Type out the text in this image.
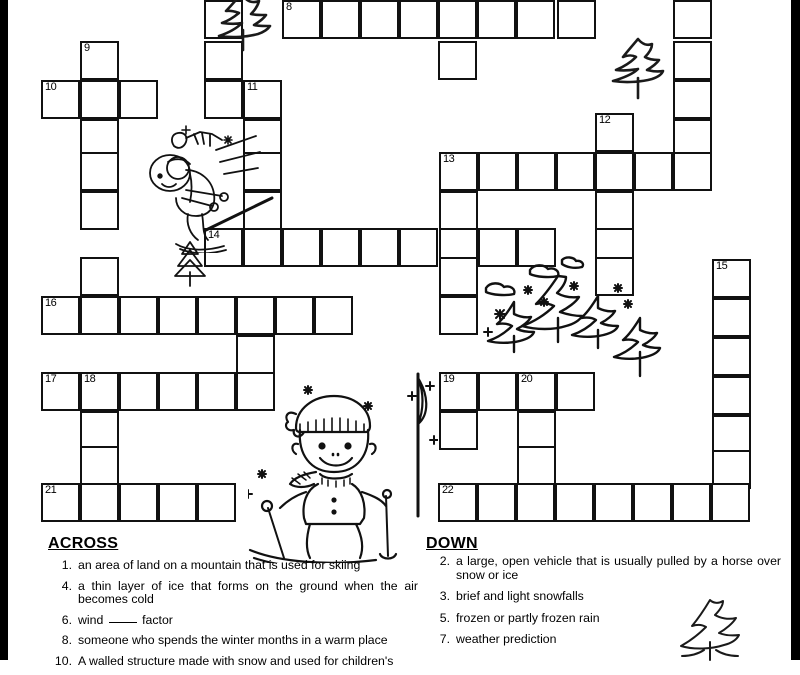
8
9
10	11
12
13
14
15
16
17	18	19	20
21	22
ACROSS
1. an area of land on a mountain that is used for skiing
4. a thin layer of ice that forms on the ground when the air becomes cold
6. wind	factor
8. someone who spends the winter months in a warm place
10. A walled structure made with snow and used for children's
DOWN
2. a large, open vehicle that is usually pulled by a horse over snow or ice
3. brief and light snowfalls
5. frozen or partly frozen rain
7. weather prediction
